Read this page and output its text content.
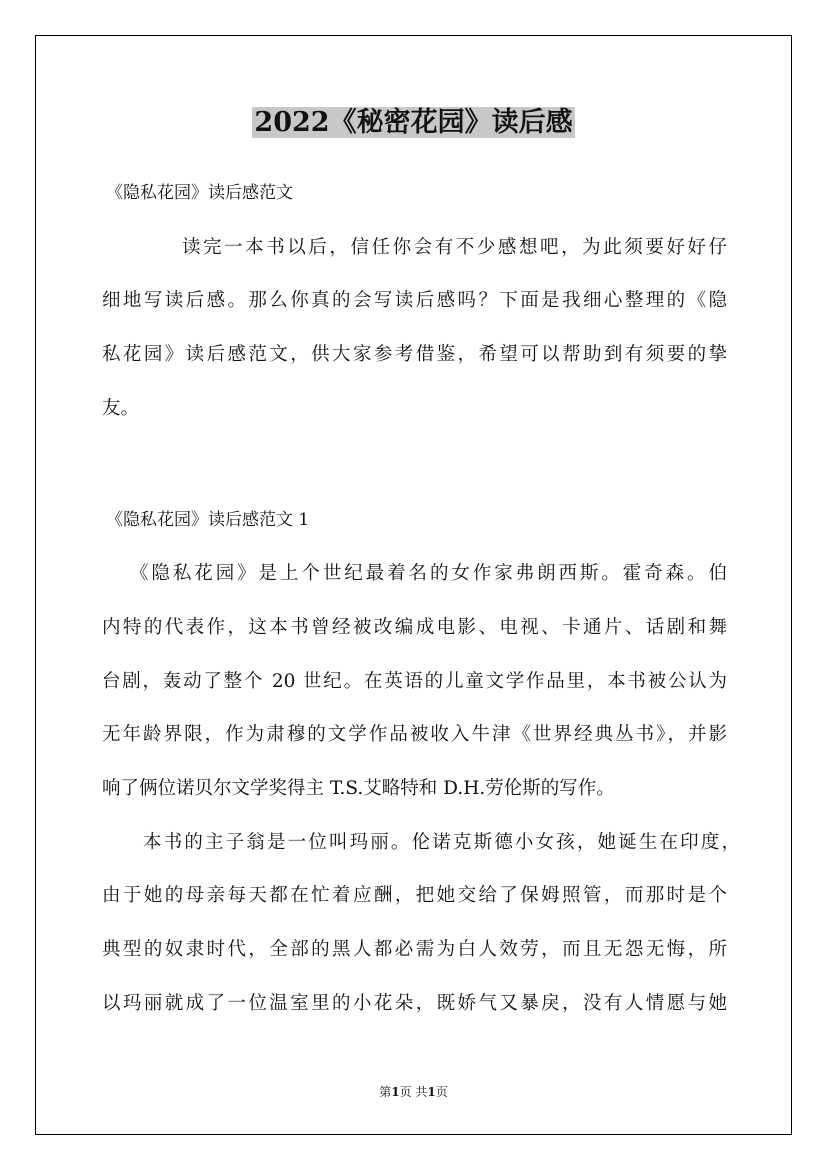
2022《秘密花园》读后感

《隐私花园》读后感范文

读完一本书以后，信任你会有不少感想吧，为此须要好好仔

细地写读后感。那么你真的会写读后感吗？下面是我细心整理的《隐

私花园》读后感范文，供大家参考借鉴，希望可以帮助到有须要的挚

友。

《隐私花园》读后感范文 1

《隐私花园》是上个世纪最着名的女作家弗朗西斯。霍奇森。伯

内特的代表作，这本书曾经被改编成电影、电视、卡通片、话剧和舞

台剧，轰动了整个 20 世纪。在英语的儿童文学作品里，本书被公认为

无年龄界限，作为肃穆的文学作品被收入牛津《世界经典丛书》，并影

响了俩位诺贝尔文学奖得主 T.S.艾略特和 D.H.劳伦斯的写作。

本书的主子翁是一位叫玛丽。伦诺克斯德小女孩，她诞生在印度，

由于她的母亲每天都在忙着应酬，把她交给了保姆照管，而那时是个

典型的奴隶时代，全部的黑人都必需为白人效劳，而且无怨无悔，所

以玛丽就成了一位温室里的小花朵，既娇气又暴戾，没有人情愿与她

第1页 共1页
